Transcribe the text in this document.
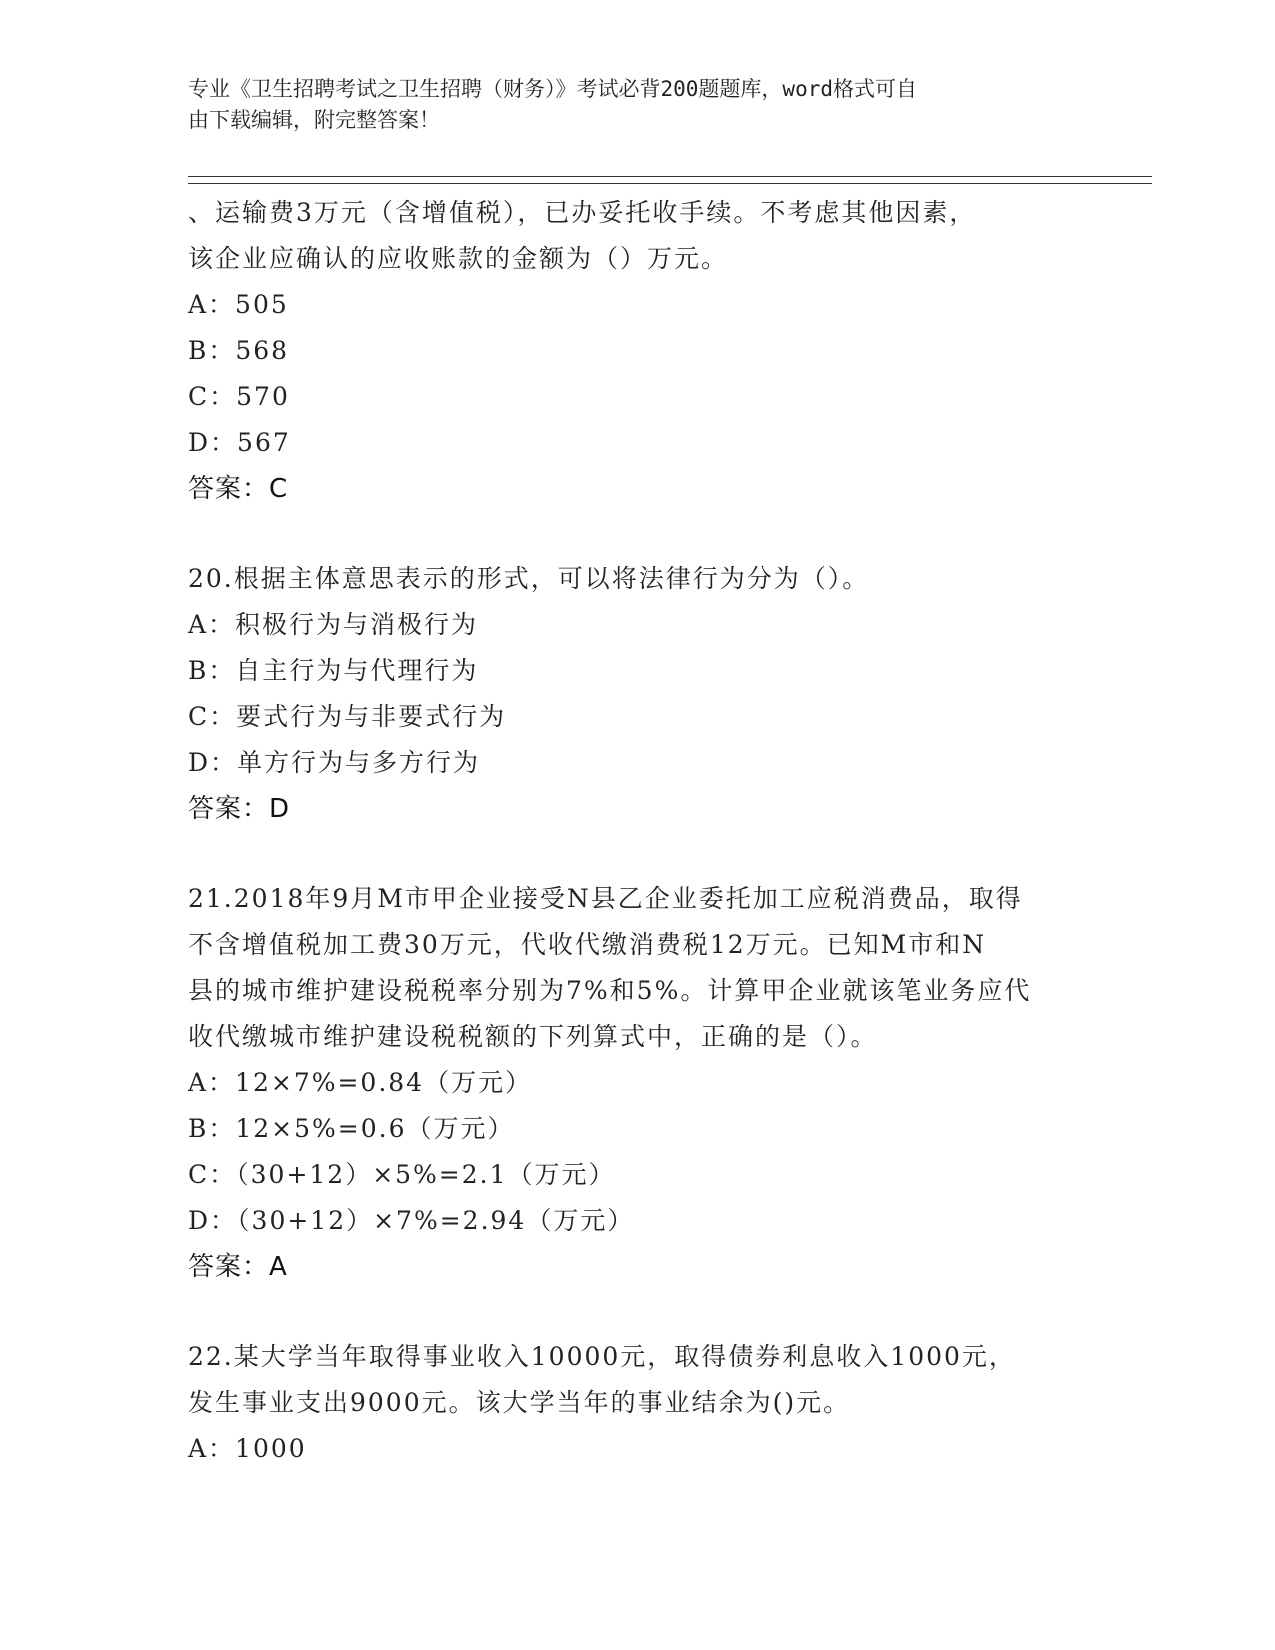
专业《卫生招聘考试之卫生招聘（财务）》考试必背200题题库，word格式可自
由下载编辑，附完整答案！
、运输费3万元（含增值税），已办妥托收手续。不考虑其他因素，
该企业应确认的应收账款的金额为（）万元。
A：505
B：568
C：570
D：567
答案：C
20.根据主体意思表示的形式，可以将法律行为分为（）。
A：积极行为与消极行为
B：自主行为与代理行为
C：要式行为与非要式行为
D：单方行为与多方行为
答案：D
21.2018年9月M市甲企业接受N县乙企业委托加工应税消费品，取得
不含增值税加工费30万元，代收代缴消费税12万元。已知M市和N
县的城市维护建设税税率分别为7%和5%。计算甲企业就该笔业务应代
收代缴城市维护建设税税额的下列算式中，正确的是（）。
A：12×7%=0.84（万元）
B：12×5%=0.6（万元）
C：（30+12）×5%=2.1（万元）
D：（30+12）×7%=2.94（万元）
答案：A
22.某大学当年取得事业收入10000元，取得债券利息收入1000元，
发生事业支出9000元。该大学当年的事业结余为()元。
A：1000
